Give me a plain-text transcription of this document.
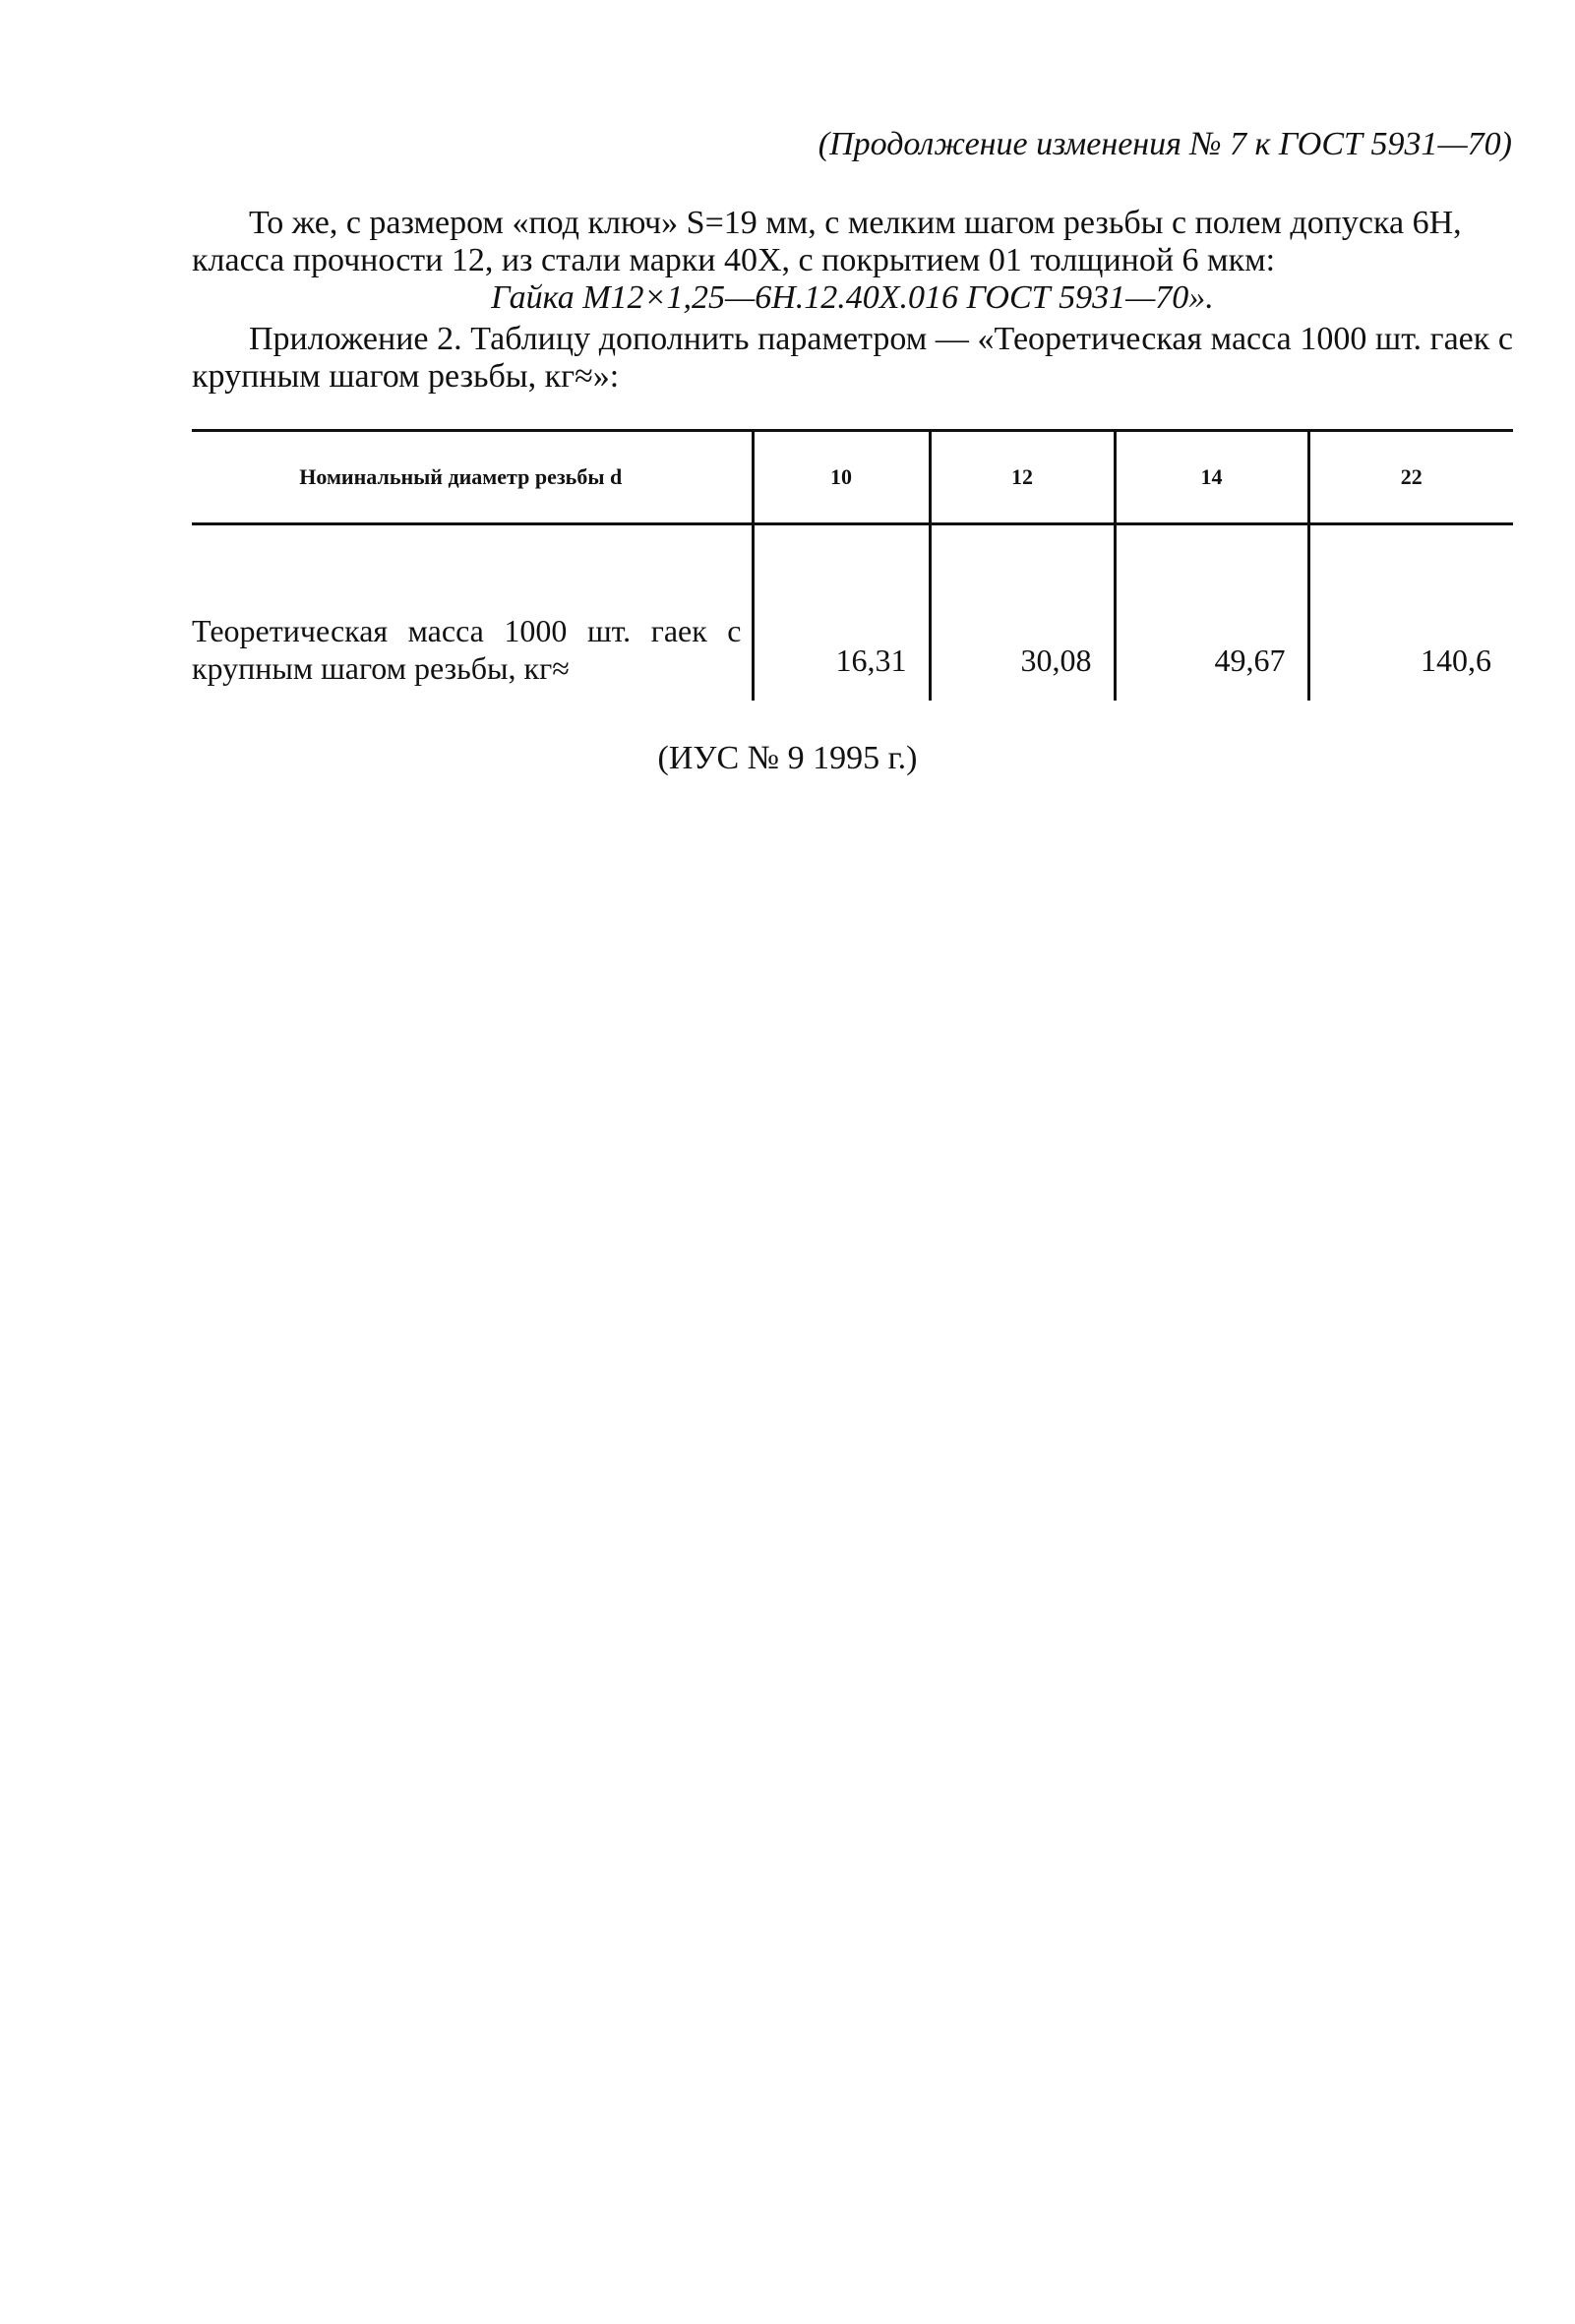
(Продолжение изменения № 7 к ГОСТ 5931—70)

То же, с размером «под ключ» S=19 мм, с мелким шагом резьбы с полем допуска 6Н, класса прочности 12, из стали марки 40Х, с покрытием 01 толщиной 6 мкм:
Гайка M12×1,25—6Н.12.40Х.016 ГОСТ 5931—70».

Приложение 2. Таблицу дополнить параметром — «Теоретическая масса 1000 шт. гаек с крупным шагом резьбы, кг≈»:

Номинальный диаметр резьбы d	10	12	14	22
Теоретическая масса 1000 шт. гаек с крупным шагом резьбы, кг≈	16,31	30,08	49,67	140,6
(ИУС № 9 1995 г.)
